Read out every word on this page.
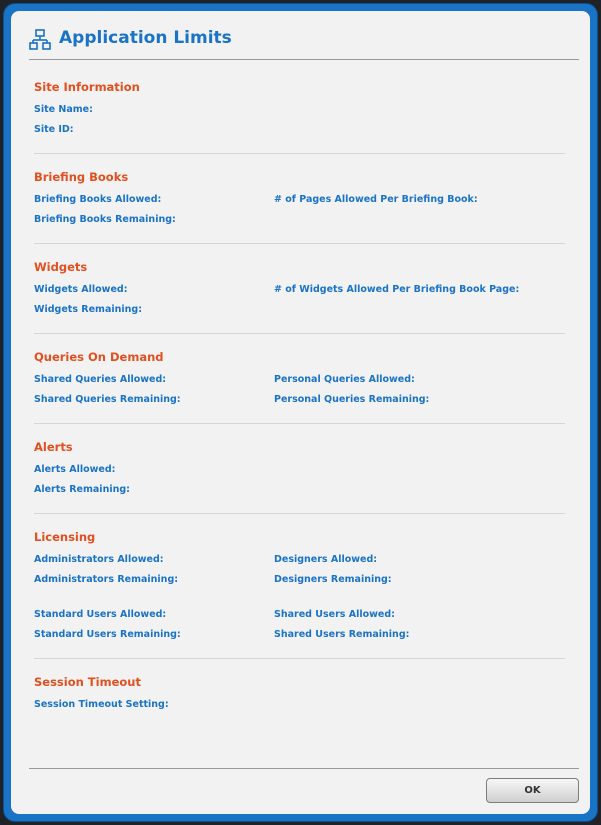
Application Limits
Site Information
Site Name:
Site ID:
Briefing Books
Briefing Books Allowed:	# of Pages Allowed Per Briefing Book:
Briefing Books Remaining:
Widgets
Widgets Allowed:	# of Widgets Allowed Per Briefing Book Page:
Widgets Remaining:
Queries On Demand
Shared Queries Allowed:	Personal Queries Allowed:
Shared Queries Remaining:	Personal Queries Remaining:
Alerts
Alerts Allowed:
Alerts Remaining:
Licensing
Administrators Allowed:	Designers Allowed:
Administrators Remaining:	Designers Remaining:
Standard Users Allowed:	Shared Users Allowed:
Standard Users Remaining:	Shared Users Remaining:
Session Timeout
Session Timeout Setting:
OK
